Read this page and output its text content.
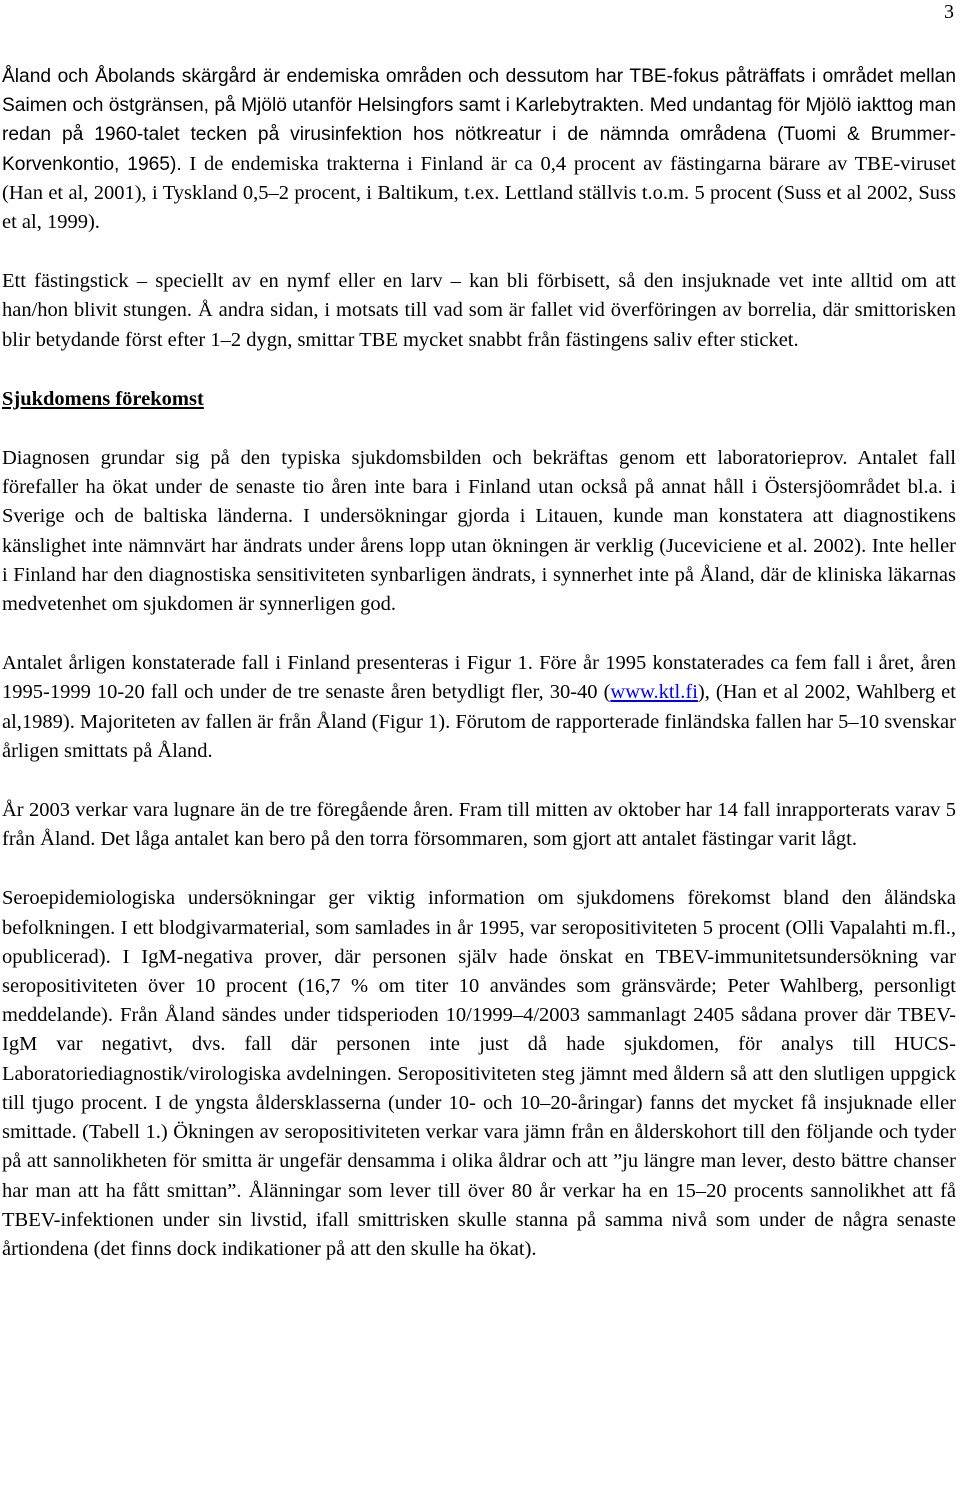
3

Åland och Åbolands skärgård är endemiska områden och dessutom har TBE-fokus påträffats i området mellan Saimen och östgränsen, på Mjölö utanför Helsingfors samt i Karlebytrakten. Med undantag för Mjölö iakttog man redan på 1960-talet tecken på virusinfektion hos nötkreatur i de nämnda områdena (Tuomi & Brummer-Korvenkontio, 1965). I de endemiska trakterna i Finland är ca 0,4 procent av fästingarna bärare av TBE-viruset (Han et al, 2001), i Tyskland 0,5–2 procent, i Baltikum, t.ex. Lettland ställvis t.o.m. 5 procent (Suss et al 2002, Suss et al, 1999).

Ett fästingstick – speciellt av en nymf eller en larv – kan bli förbisett, så den insjuknade vet inte alltid om att han/hon blivit stungen. Å andra sidan, i motsats till vad som är fallet vid överföringen av borrelia, där smittorisken blir betydande först efter 1–2 dygn, smittar TBE mycket snabbt från fästingens saliv efter sticket.

Sjukdomens förekomst

Diagnosen grundar sig på den typiska sjukdomsbilden och bekräftas genom ett laboratorieprov. Antalet fall förefaller ha ökat under de senaste tio åren inte bara i Finland utan också på annat håll i Östersjöområdet bl.a. i Sverige och de baltiska länderna. I undersökningar gjorda i Litauen, kunde man konstatera att diagnostikens känslighet inte nämnvärt har ändrats under årens lopp utan ökningen är verklig (Juceviciene et al. 2002). Inte heller i Finland har den diagnostiska sensitiviteten synbarligen ändrats, i synnerhet inte på Åland, där de kliniska läkarnas medvetenhet om sjukdomen är synnerligen god.

Antalet årligen konstaterade fall i Finland presenteras i Figur 1. Före år 1995 konstaterades ca fem fall i året, åren 1995-1999 10-20 fall och under de tre senaste åren betydligt fler, 30-40 (www.ktl.fi), (Han et al 2002, Wahlberg et al,1989). Majoriteten av fallen är från Åland (Figur 1). Förutom de rapporterade finländska fallen har 5–10 svenskar årligen smittats på Åland.

År 2003 verkar vara lugnare än de tre föregående åren. Fram till mitten av oktober har 14 fall inrapporterats varav 5 från Åland. Det låga antalet kan bero på den torra försommaren, som gjort att antalet fästingar varit lågt.

Seroepidemiologiska undersökningar ger viktig information om sjukdomens förekomst bland den åländska befolkningen. I ett blodgivarmaterial, som samlades in år 1995, var seropositiviteten 5 procent (Olli Vapalahti m.fl., opublicerad). I IgM-negativa prover, där personen själv hade önskat en TBEV-immunitetsundersökning var seropositiviteten över 10 procent (16,7 % om titer 10 användes som gränsvärde; Peter Wahlberg, personligt meddelande). Från Åland sändes under tidsperioden 10/1999–4/2003 sammanlagt 2405 sådana prover där TBEV-IgM var negativt, dvs. fall där personen inte just då hade sjukdomen, för analys till HUCS-Laboratoriediagnostik/virologiska avdelningen. Seropositiviteten steg jämnt med åldern så att den slutligen uppgick till tjugo procent. I de yngsta åldersklasserna (under 10- och 10–20-åringar) fanns det mycket få insjuknade eller smittade. (Tabell 1.) Ökningen av seropositiviteten verkar vara jämn från en ålderskohort till den följande och tyder på att sannolikheten för smitta är ungefär densamma i olika åldrar och att ”ju längre man lever, desto bättre chanser har man att ha fått smittan”. Ålänningar som lever till över 80 år verkar ha en 15–20 procents sannolikhet att få TBEV-infektionen under sin livstid, ifall smittrisken skulle stanna på samma nivå som under de några senaste årtiondena (det finns dock indikationer på att den skulle ha ökat).
